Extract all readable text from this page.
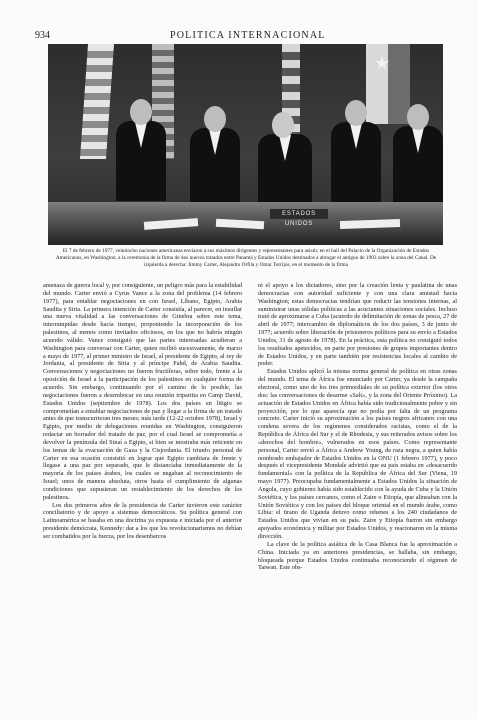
934	POLITICA INTERNACIONAL
★
ESTADOS UNIDOS
El 7 de febrero de 1977, veintiocho naciones americanas enviaron a sus máximos dirigentes y representantes para asistir, en el hall del Palacio de la Organización de Estados Americanos, en Washington, a la ceremonia de la firma de dos nuevos tratados entre Panamá y Estados Unidos destinados a abrogar el antiguo de 1903 sobre la zona del Canal. De izquierda a derecha: Jimmy Carter, Alejandro Orfila y Omar Torrijos, en el momento de la firma

amenaza de guerra local y, por consiguiente, un peligro más para la estabilidad del mundo. Carter envió a Cyrus Vance a la zona del problema (14 febrero 1977), para entablar negociaciones en con Israel, Líbano, Egipto, Arabia Saudita y Siria. La primera intención de Carter consistía, al parecer, en insuflar una nueva vitalidad a las conversaciones de Ginebra sobre este tema, interrumpidas desde hacía tiempo, proponiendo la incorporación de los palestinos, al menos como invitados oficiosos, en los que no habría ningún acuerdo válido. Vance consiguió que las partes interesadas acudieran a Washington para conversar con Carter, quien recibió sucesivamente, de marzo a mayo de 1977, al primer ministro de Israel, al presidente de Egipto, al rey de Jordania, al presidente de Siria y al príncipe Fahd, de Arabia Saudita. Conversaciones y negociaciones no fueron fructíferas, sobre todo, frente a la oposición de Israel a la participación de los palestinos en cualquier forma de acuerdo. Sin embargo, continuando por el camino de lo posible, las negociaciones fueron a desembocar en una reunión tripartita en Camp David, Estados Unidos (septiembre de 1978). Los dos países en litigio se comprometían a entablar negociaciones de paz y llegar a la firma de un tratado antes de que transcurrieran tres meses; más tarde (12-22 octubre 1978), Israel y Egipto, por medio de delegaciones reunidas en Washington, consiguieron redactar un borrador del tratado de paz, por el cual Israel se comprometía a devolver la península del Sinaí a Egipto, si bien se mostraba más reticente en los temas de la evacuación de Gaza y la Cisjordania. El triunfo personal de Carter en esa ocasión consistió en lograr que Egipto cambiara de frente y llegase a una paz por separado, que le distanciaba inmediatamente de la mayoría de los países árabes, los cuales se negaban al reconocimiento de Israel; unos de manera absoluta, otros hasta el cumplimiento de algunas condiciones que supusieran un restablecimiento de los derechos de los palestinos.

Los dos primeros años de la presidencia de Carter tuvieron este carácter conciliatorio y de apoyo a sistemas democráticos. Su política general con Latinoamérica se basaba en una doctrina ya expuesta e iniciada por el anterior presidente demócrata, Kennedy: dar a los que los revolucionarismos no debían ser combatidos por la fuerza, por los desenbarcos

ni el apoyo a los dictadores, sino por la creación lenta y paulatina de unas democracias con autoridad suficiente y con una clara amistad hacia Washington; estas democracias tendrían que reducir las tensiones internas, al suministrar unas sólidas políticas a las acuciantes situaciones sociales. Incluso trató de aproximarse a Cuba (acuerdo de delimitación de zonas de pesca, 27 de abril de 1977; intercambio de diplomáticos de los dos países, 3 de junio de 1977; acuerdo sobre liberación de prisioneros políticos para su envío a Estados Unidos, 31 de agosto de 1978). En la práctica, esta política no consiguió todos los resultados apetecidos, en parte por presiones de grupos importantes dentro de Estados Unidos, y en parte también por resistencias locales al cambio de poder.

Estados Unidos aplicó la misma norma general de política en otras zonas del mundo. El tema de África fue enunciado por Carter, ya desde la campaña electoral, como uno de los tres primordiales de su política exterior (los otros dos: las conversaciones de desarme «Salt», y la zona del Oriente Próximo). La actuación de Estados Unidos en África había sido tradicionalmente pobre y sin proyección, por lo que aparecía que no podía por falta de un programa concreto. Carter inició su aproximación a los países negros africanos con una condena severa de los regímenes considerados racistas, como el de la República de África del Sur y el de Rhodesia, y sus reiterados avisos sobre los «derechos del hombre», vulnerados en esos países. Como representante personal, Carter envió a África a Andrew Young, de raza negra, a quien había nombrado embajador de Estados Unidos en la ONU (1 febrero 1977), y poco después el vicepresidente Mondale advirtió que su país estaba en «desacuerdo fundamental» con la política de la República de África del Sur (Viena, 19 mayo 1977). Preocupaba fundamentalmente a Estados Unidos la situación de Angola, cuyo gobierno había sido establecido con la ayuda de Cuba y la Unión Soviética, y los países cercanos, como el Zaire o Etiopía, que alineaban con la Unión Soviética y con los países del bloque oriental en el mundo árabe, como Libia: el tirano de Uganda detuvo como rehenes a los 240 ciudadanos de Estados Unidos que vivían en su país. Zaire y Etiopía fueron sin embargo apoyados económica y militar por Estados Unidos, y reacionaron en la misma dirección.

La clave de la política asiática de la Casa Blanca fue la aproximación a China. Iniciada ya en anteriores presidencias, se hallaba, sin embargo, bloqueada porque Estados Unidos continuaba reconociendo el régimen de Taiwan. Este obs-
